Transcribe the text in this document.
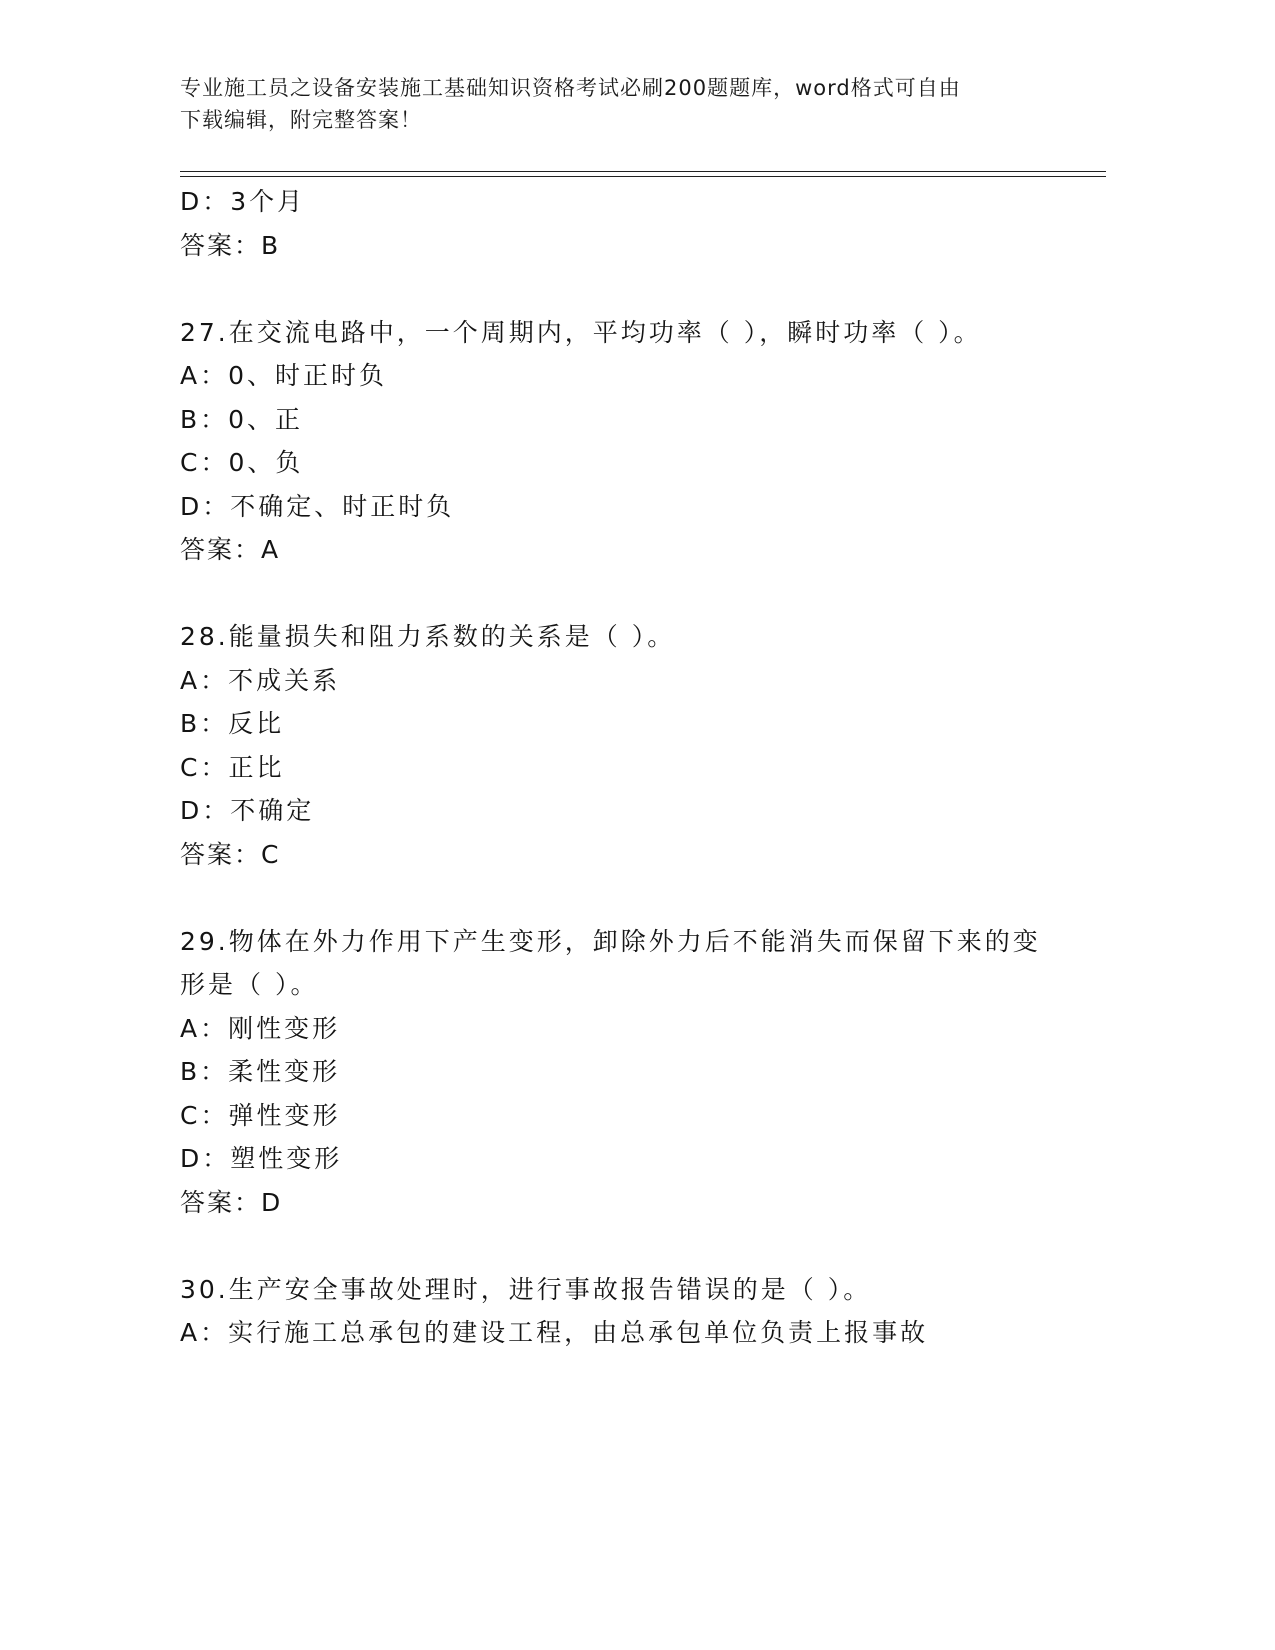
专业施工员之设备安装施工基础知识资格考试必刷200题题库，word格式可自由
下载编辑，附完整答案！
D：3个月
答案：B
27.在交流电路中，一个周期内，平均功率（ ），瞬时功率（ ）。
A：0、时正时负
B：0、正
C：0、负
D：不确定、时正时负
答案：A
28.能量损失和阻力系数的关系是（ ）。
A：不成关系
B：反比
C：正比
D：不确定
答案：C
29.物体在外力作用下产生变形，卸除外力后不能消失而保留下来的变
形是（ ）。
A：刚性变形
B：柔性变形
C：弹性变形
D：塑性变形
答案：D
30.生产安全事故处理时，进行事故报告错误的是（ ）。
A：实行施工总承包的建设工程，由总承包单位负责上报事故
